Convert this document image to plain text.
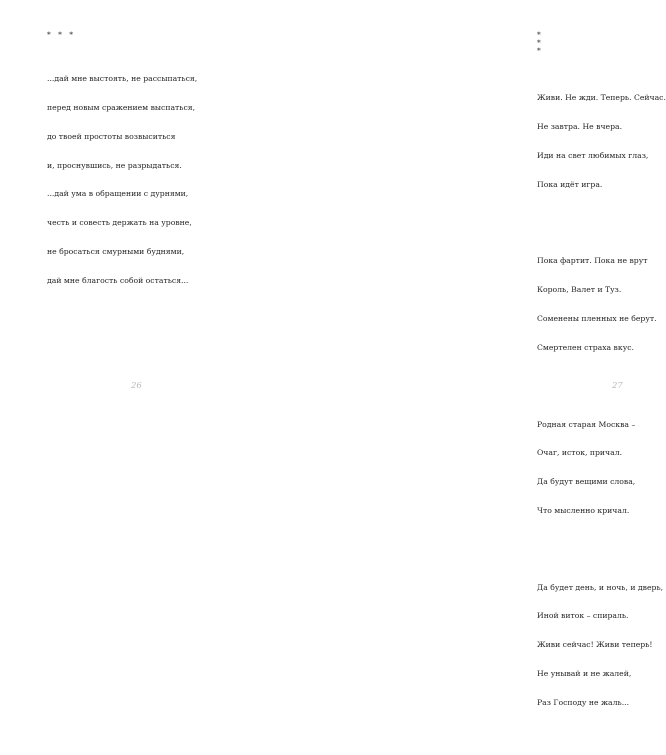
* * *

...дай мне выстоять, не рассыпаться,

перед новым сражением выспаться,

до твоей простоты возвыситься

и, проснувшись, не разрыдаться.

...дай ума в обращении с дурнями,

честь и совесть держать на уровне,

не бросаться смурными буднями,

дай мне благость собой остаться...

26
* * *

Живи. Не жди. Теперь. Сейчас.

Не завтра. Не вчера.

Иди на свет любимых глаз,

Пока идёт игра.

Пока фартит. Пока не врут

Король, Валет и Туз.

Соменены пленных не берут.

Смертелен страха вкус.

Родная старая Москва –

Очаг, исток, причал.

Да будут вещими слова,

Что мысленно кричал.

Да будет день, и ночь, и дверь,

Иной виток – спираль.

Живи сейчас! Живи теперь!

Не унывай и не жалей,

Раз Господу не жаль...

27
